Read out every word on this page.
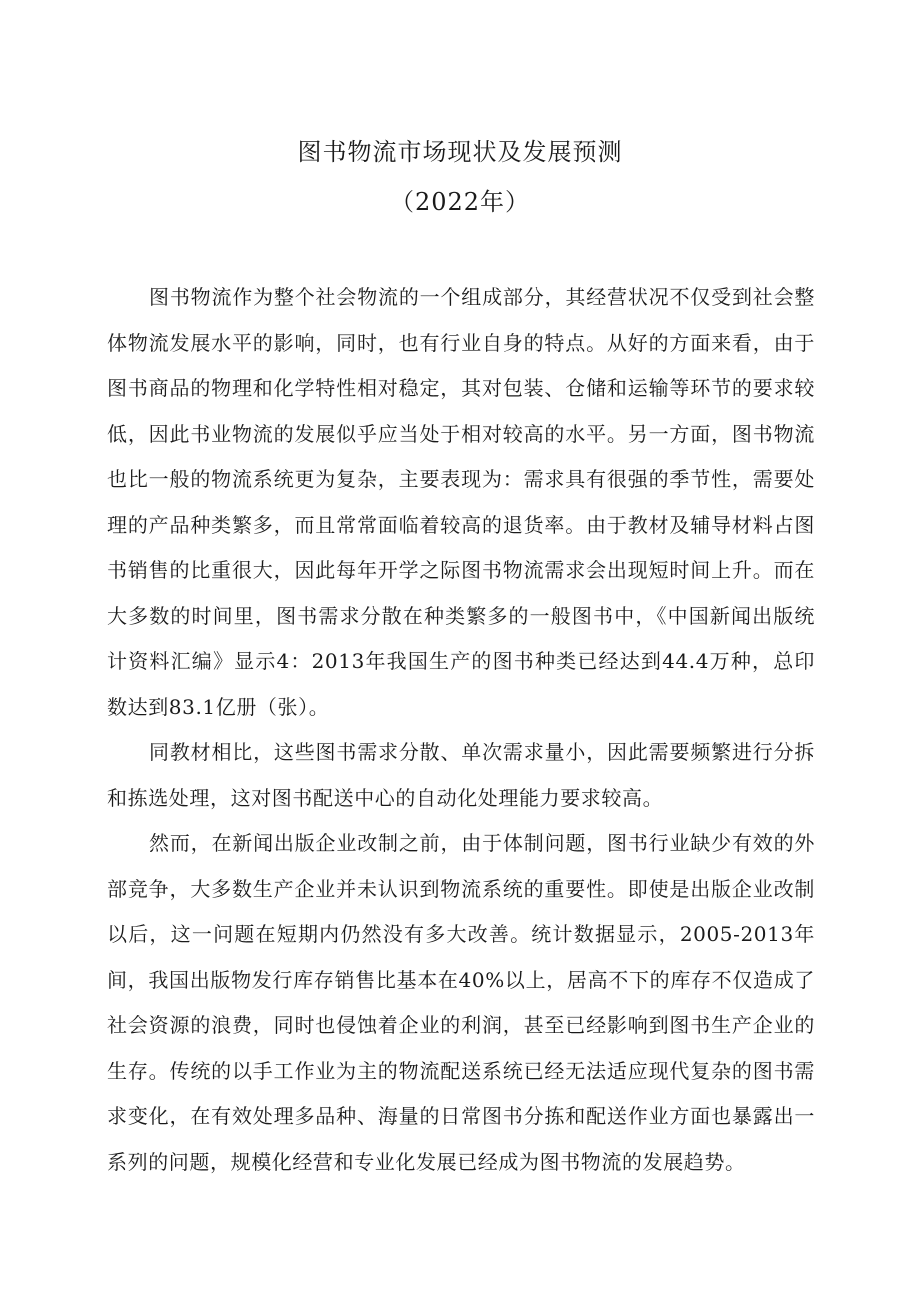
图书物流市场现状及发展预测
（2022年）

图书物流作为整个社会物流的一个组成部分，其经营状况不仅受到社会整体物流发展水平的影响，同时，也有行业自身的特点。从好的方面来看，由于图书商品的物理和化学特性相对稳定，其对包装、仓储和运输等环节的要求较低，因此书业物流的发展似乎应当处于相对较高的水平。另一方面，图书物流也比一般的物流系统更为复杂，主要表现为：需求具有很强的季节性，需要处理的产品种类繁多，而且常常面临着较高的退货率。由于教材及辅导材料占图书销售的比重很大，因此每年开学之际图书物流需求会出现短时间上升。而在大多数的时间里，图书需求分散在种类繁多的一般图书中，《中国新闻出版统计资料汇编》显示4：2013年我国生产的图书种类已经达到44.4万种，总印数达到83.1亿册（张）。

同教材相比，这些图书需求分散、单次需求量小，因此需要频繁进行分拆和拣选处理，这对图书配送中心的自动化处理能力要求较高。

然而，在新闻出版企业改制之前，由于体制问题，图书行业缺少有效的外部竞争，大多数生产企业并未认识到物流系统的重要性。即使是出版企业改制以后，这一问题在短期内仍然没有多大改善。统计数据显示，2005-2013年间，我国出版物发行库存销售比基本在40%以上，居高不下的库存不仅造成了社会资源的浪费，同时也侵蚀着企业的利润，甚至已经影响到图书生产企业的生存。传统的以手工作业为主的物流配送系统已经无法适应现代复杂的图书需求变化，在有效处理多品种、海量的日常图书分拣和配送作业方面也暴露出一系列的问题，规模化经营和专业化发展已经成为图书物流的发展趋势。
